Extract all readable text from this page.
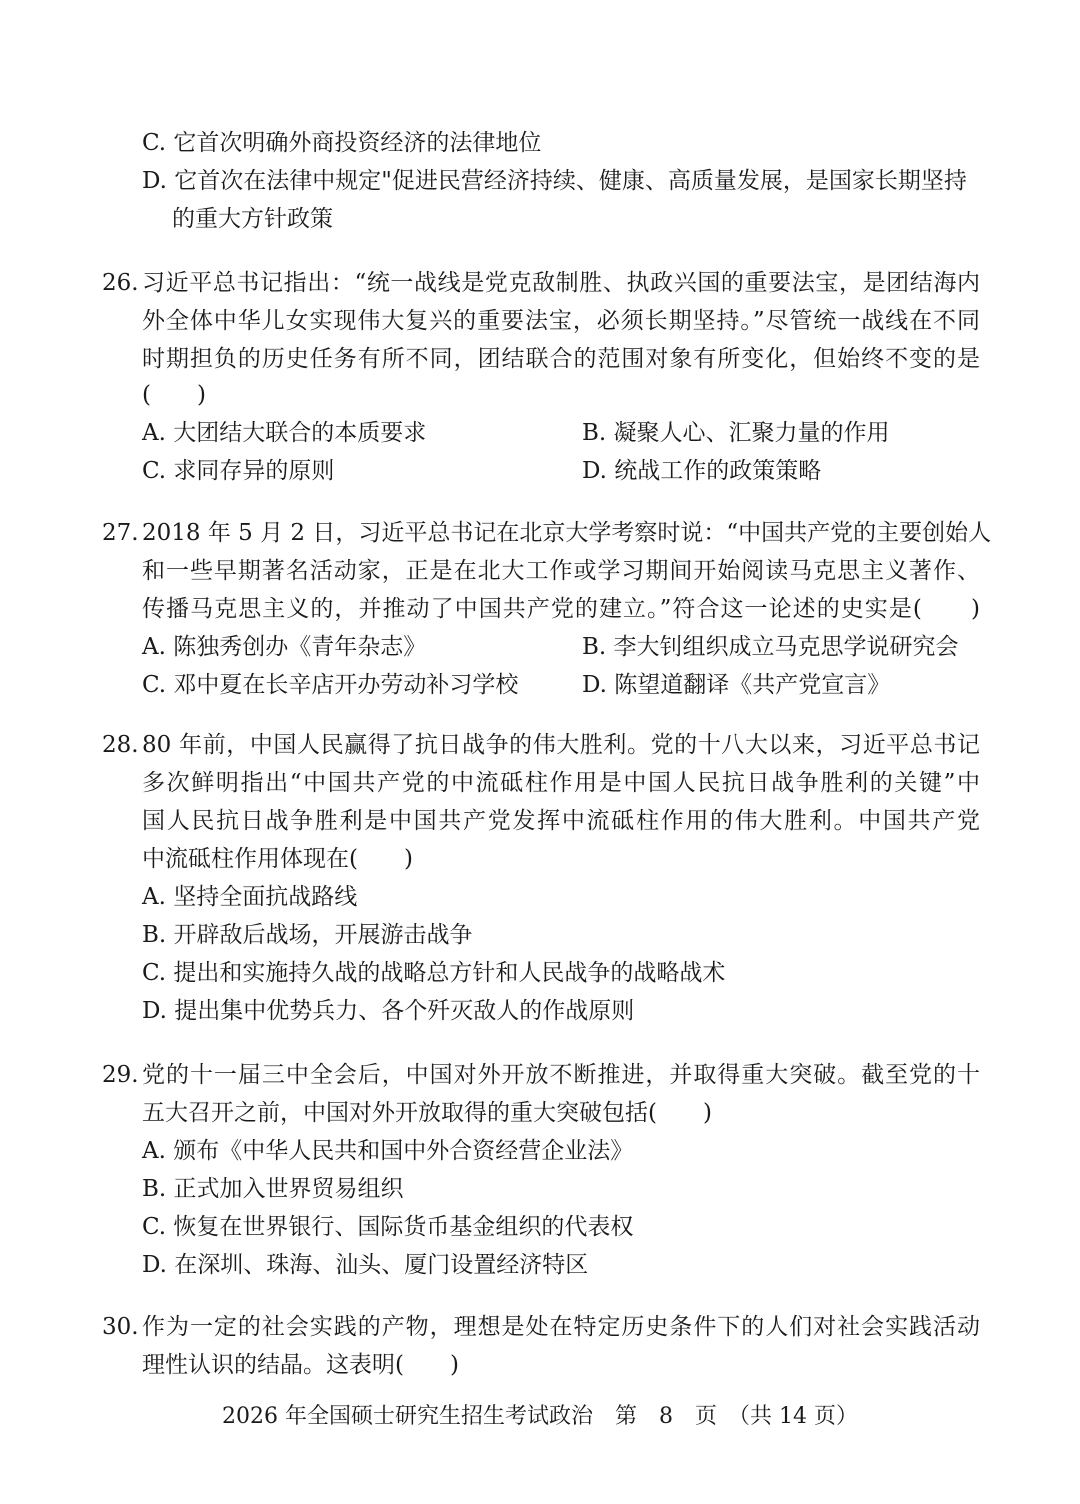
C. 它首次明确外商投资经济的法律地位
D. 它首次在法律中规定"促进民营经济持续、健康、高质量发展，是国家长期坚持
的重大方针政策
26. 习近平总书记指出：“统一战线是党克敌制胜、执政兴国的重要法宝，是团结海内
外全体中华儿女实现伟大复兴的重要法宝，必须长期坚持。”尽管统一战线在不同
时期担负的历史任务有所不同，团结联合的范围对象有所变化，但始终不变的是
(　　)
A. 大团结大联合的本质要求	B. 凝聚人心、汇聚力量的作用
C. 求同存异的原则	D. 统战工作的政策策略
27. 2018 年 5 月 2 日，习近平总书记在北京大学考察时说：“中国共产党的主要创始人
和一些早期著名活动家，正是在北大工作或学习期间开始阅读马克思主义著作、
传播马克思主义的，并推动了中国共产党的建立。”符合这一论述的史实是(　　)
A. 陈独秀创办《青年杂志》	B. 李大钊组织成立马克思学说研究会
C. 邓中夏在长辛店开办劳动补习学校	D. 陈望道翻译《共产党宣言》
28. 80 年前，中国人民赢得了抗日战争的伟大胜利。党的十八大以来，习近平总书记
多次鲜明指出“中国共产党的中流砥柱作用是中国人民抗日战争胜利的关键”中
国人民抗日战争胜利是中国共产党发挥中流砥柱作用的伟大胜利。中国共产党
中流砥柱作用体现在(　　)
A. 坚持全面抗战路线
B. 开辟敌后战场，开展游击战争
C. 提出和实施持久战的战略总方针和人民战争的战略战术
D. 提出集中优势兵力、各个歼灭敌人的作战原则
29. 党的十一届三中全会后，中国对外开放不断推进，并取得重大突破。截至党的十
五大召开之前，中国对外开放取得的重大突破包括(　　)
A. 颁布《中华人民共和国中外合资经营企业法》
B. 正式加入世界贸易组织
C. 恢复在世界银行、国际货币基金组织的代表权
D. 在深圳、珠海、汕头、厦门设置经济特区
30. 作为一定的社会实践的产物，理想是处在特定历史条件下的人们对社会实践活动
理性认识的结晶。这表明(　　)
2026 年全国硕士研究生招生考试政治　第　8　页　（共 14 页）
